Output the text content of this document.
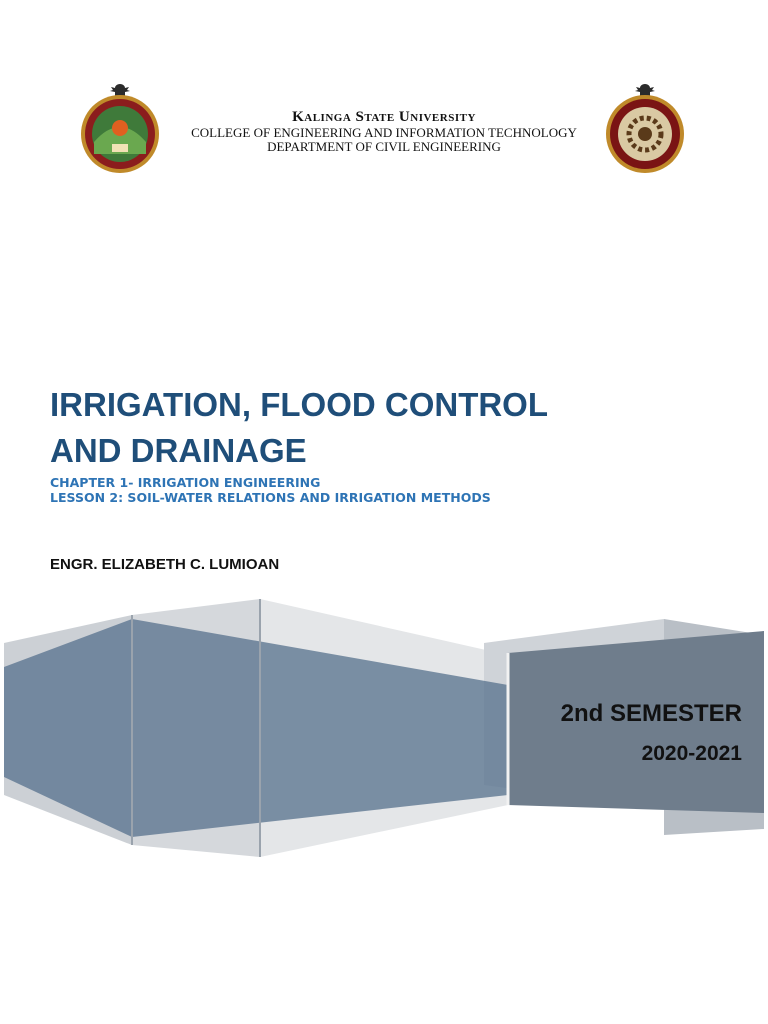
Kalinga State University
COLLEGE OF ENGINEERING AND INFORMATION TECHNOLOGY
DEPARTMENT OF CIVIL ENGINEERING
IRRIGATION, FLOOD CONTROL
AND DRAINAGE
CHAPTER 1- IRRIGATION ENGINEERING
LESSON 2: SOIL-WATER RELATIONS AND IRRIGATION METHODS
ENGR. ELIZABETH C. LUMIOAN
2nd SEMESTER
2020-2021
